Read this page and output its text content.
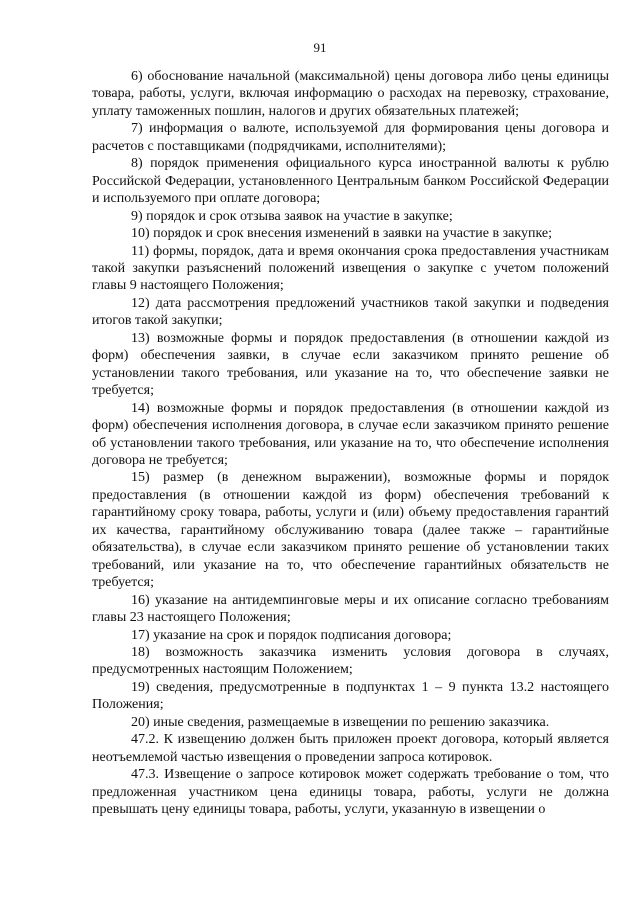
91

6) обоснование начальной (максимальной) цены договора либо цены единицы товара, работы, услуги, включая информацию о расходах на перевозку, страхование, уплату таможенных пошлин, налогов и других обязательных платежей;

7) информация о валюте, используемой для формирования цены договора и расчетов с поставщиками (подрядчиками, исполнителями);

8) порядок применения официального курса иностранной валюты к рублю Российской Федерации, установленного Центральным банком Российской Федерации и используемого при оплате договора;

9) порядок и срок отзыва заявок на участие в закупке;

10) порядок и срок внесения изменений в заявки на участие в закупке;

11) формы, порядок, дата и время окончания срока предоставления участникам такой закупки разъяснений положений извещения о закупке с учетом положений главы 9 настоящего Положения;

12) дата рассмотрения предложений участников такой закупки и подведения итогов такой закупки;

13) возможные формы и порядок предоставления (в отношении каждой из форм) обеспечения заявки, в случае если заказчиком принято решение об установлении такого требования, или указание на то, что обеспечение заявки не требуется;

14) возможные формы и порядок предоставления (в отношении каждой из форм) обеспечения исполнения договора, в случае если заказчиком принято решение об установлении такого требования, или указание на то, что обеспечение исполнения договора не требуется;

15) размер (в денежном выражении), возможные формы и порядок предоставления (в отношении каждой из форм) обеспечения требований к гарантийному сроку товара, работы, услуги и (или) объему предоставления гарантий их качества, гарантийному обслуживанию товара (далее также – гарантийные обязательства), в случае если заказчиком принято решение об установлении таких требований, или указание на то, что обеспечение гарантийных обязательств не требуется;

16) указание на антидемпинговые меры и их описание согласно требованиям главы 23 настоящего Положения;

17) указание на срок и порядок подписания договора;

18) возможность заказчика изменить условия договора в случаях, предусмотренных настоящим Положением;

19) сведения, предусмотренные в подпунктах 1 – 9 пункта 13.2 настоящего Положения;

20) иные сведения, размещаемые в извещении по решению заказчика.

47.2. К извещению должен быть приложен проект договора, который является неотъемлемой частью извещения о проведении запроса котировок.

47.3. Извещение о запросе котировок может содержать требование о том, что предложенная участником цена единицы товара, работы, услуги не должна превышать цену единицы товара, работы, услуги, указанную в извещении о
